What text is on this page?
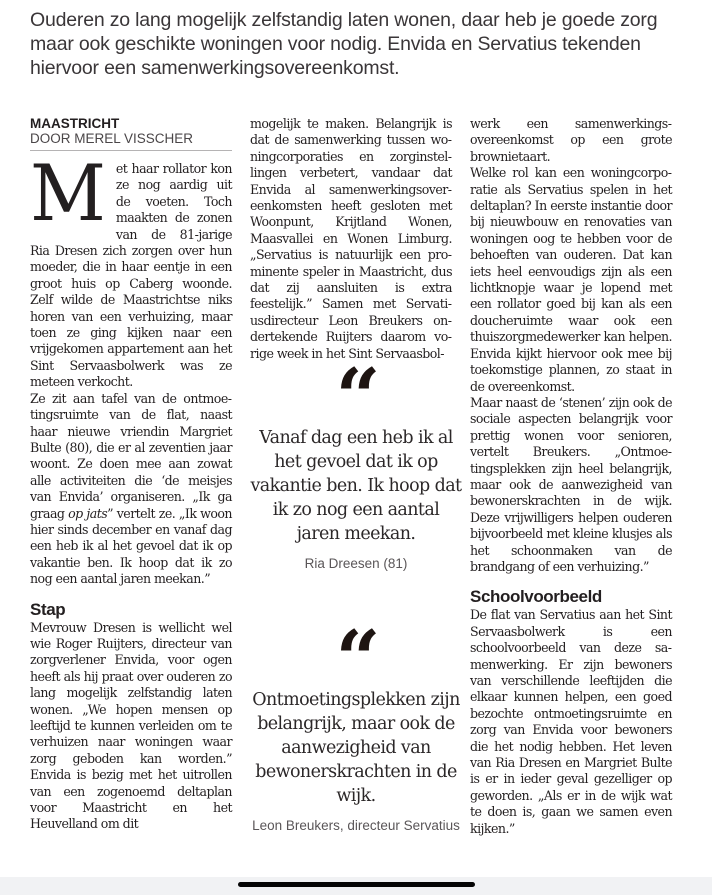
Ouderen zo lang mogelijk zelfstandig laten wonen, daar heb je goede zorg maar ook geschikte woningen voor nodig. Envida en Servatius tekenden hiervoor een samenwerkingsovereenkomst.
MAASTRICHT
DOOR MEREL VISSCHER

Met haar rollator kon ze nog aardig uit de voeten. Toch maakten de zonen van de 81-jarige Ria Dresen zich zorgen over hun moeder, die in haar eentje in een groot huis op Caberg woonde. Zelf wilde de Maastrichtse niks horen van een verhuizing, maar toen ze ging kijken naar een vrijgekomen appartement aan het Sint Servaasbolwerk was ze meteen verkocht.

Ze zit aan tafel van de ontmoetingsruimte van de flat, naast haar nieuwe vriendin Margriet Bulte (80), die er al zeventien jaar woont. Ze doen mee aan zowat alle activiteiten die ‘de meisjes van Envida’ organiseren. „Ik ga graag op jats” vertelt ze. „Ik woon hier sinds december en vanaf dag een heb ik al het gevoel dat ik op vakantie ben. Ik hoop dat ik zo nog een aantal jaren meekan.”

Stap

Mevrouw Dresen is wellicht wel wie Roger Ruijters, directeur van zorgverlener Envida, voor ogen heeft als hij praat over ouderen zo lang mogelijk zelfstandig laten wonen. „We hopen mensen op leeftijd te kunnen verleiden om te verhuizen naar woningen waar zorg geboden kan worden.” Envida is bezig met het uitrollen van een zogenoemd deltaplan voor Maastricht en het Heuvelland om dit

mogelijk te maken. Belangrijk is dat de samenwerking tussen woningcorporaties en zorginstellingen verbetert, vandaar dat Envida al samenwerkingsovereenkomsten heeft gesloten met Woonpunt, Krijtland Wonen, Maasvallei en Wonen Limburg. „Servatius is natuurlijk een prominente speler in Maastricht, dus dat zij aansluiten is extra feestelijk.” Samen met Servatiusdirecteur Leon Breukers ondertekende Ruijters daarom vorige week in het Sint Servaasbol-

“
Vanaf dag een heb ik al het gevoel dat ik op vakantie ben. Ik hoop dat ik zo nog een aantal jaren meekan.
Ria Dreesen (81)
“
Ontmoetingsplekken zijn belangrijk, maar ook de aanwezigheid van bewonerskrachten in de wijk.
Leon Breukers, directeur Servatius

werk een samenwerkingsovereenkomst op een grote brownietaart.

Welke rol kan een woningcorporatie als Servatius spelen in het deltaplan? In eerste instantie door bij nieuwbouw en renovaties van woningen oog te hebben voor de behoeften van ouderen. Dat kan iets heel eenvoudigs zijn als een lichtknopje waar je lopend met een rollator goed bij kan als een doucheruimte waar ook een thuiszorgmedewerker kan helpen. Envida kijkt hiervoor ook mee bij toekomstige plannen, zo staat in de overeenkomst.

Maar naast de ‘stenen’ zijn ook de sociale aspecten belangrijk voor prettig wonen voor senioren, vertelt Breukers. „Ontmoetingsplekken zijn heel belangrijk, maar ook de aanwezigheid van bewonerskrachten in de wijk. Deze vrijwilligers helpen ouderen bijvoorbeeld met kleine klusjes als het schoonmaken van de brandgang of een verhuizing.”

Schoolvoorbeeld

De flat van Servatius aan het Sint Servaasbolwerk is een schoolvoorbeeld van deze samenwerking. Er zijn bewoners van verschillende leeftijden die elkaar kunnen helpen, een goed bezochte ontmoetingsruimte en zorg van Envida voor bewoners die het nodig hebben. Het leven van Ria Dresen en Margriet Bulte is er in ieder geval gezelliger op geworden. „Als er in de wijk wat te doen is, gaan we samen even kijken.”
